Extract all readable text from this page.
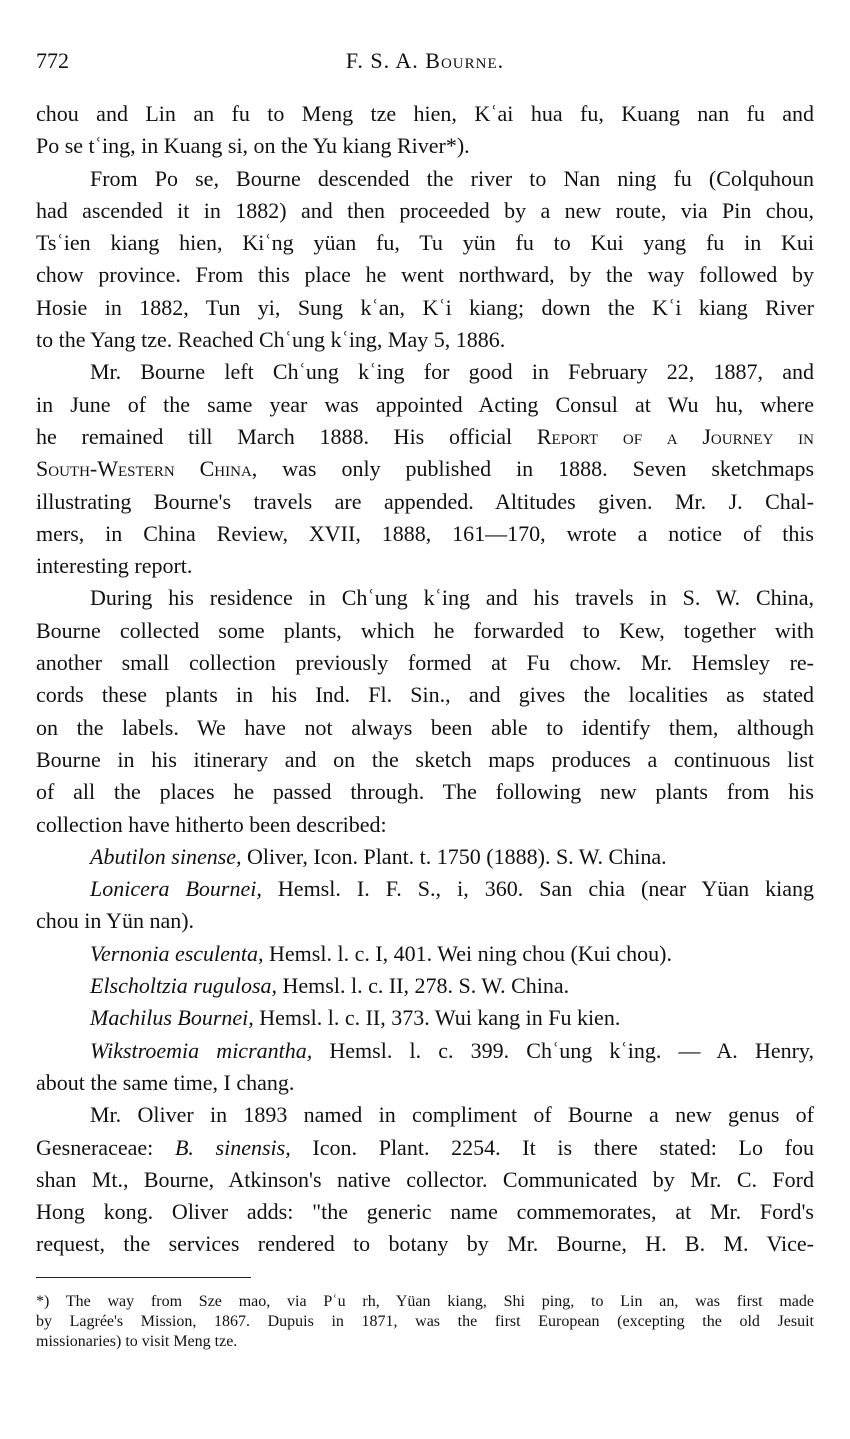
772	F. S. A. Bourne.
chou and Lin an fu to Meng tze hien, Kʿai hua fu, Kuang nan fu and
Po se tʿing, in Kuang si, on the Yu kiang River*).
From Po se, Bourne descended the river to Nan ning fu (Colquhoun
had ascended it in 1882) and then proceeded by a new route, via Pin chou,
Tsʿien kiang hien, Kiʿng yüan fu, Tu yün fu to Kui yang fu in Kui
chow province. From this place he went northward, by the way followed by
Hosie in 1882, Tun yi, Sung kʿan, Kʿi kiang; down the Kʿi kiang River
to the Yang tze. Reached Chʿung kʿing, May 5, 1886.
Mr. Bourne left Chʿung kʿing for good in February 22, 1887, and
in June of the same year was appointed Acting Consul at Wu hu, where
he remained till March 1888. His official Report of a Journey in
South-Western China, was only published in 1888. Seven sketchmaps
illustrating Bourne's travels are appended. Altitudes given. Mr. J. Chal-
mers, in China Review, XVII, 1888, 161—170, wrote a notice of this
interesting report.
During his residence in Chʿung kʿing and his travels in S. W. China,
Bourne collected some plants, which he forwarded to Kew, together with
another small collection previously formed at Fu chow. Mr. Hemsley re-
cords these plants in his Ind. Fl. Sin., and gives the localities as stated
on the labels. We have not always been able to identify them, although
Bourne in his itinerary and on the sketch maps produces a continuous list
of all the places he passed through. The following new plants from his
collection have hitherto been described:
Abutilon sinense, Oliver, Icon. Plant. t. 1750 (1888). S. W. China.
Lonicera Bournei, Hemsl. I. F. S., i, 360. San chia (near Yüan kiang
chou in Yün nan).
Vernonia esculenta, Hemsl. l. c. I, 401. Wei ning chou (Kui chou).
Elscholtzia rugulosa, Hemsl. l. c. II, 278. S. W. China.
Machilus Bournei, Hemsl. l. c. II, 373. Wui kang in Fu kien.
Wikstroemia micrantha, Hemsl. l. c. 399. Chʿung kʿing. — A. Henry,
about the same time, I chang.
Mr. Oliver in 1893 named in compliment of Bourne a new genus of
Gesneraceae: B. sinensis, Icon. Plant. 2254. It is there stated: Lo fou
shan Mt., Bourne, Atkinson's native collector. Communicated by Mr. C. Ford
Hong kong. Oliver adds: "the generic name commemorates, at Mr. Ford's
request, the services rendered to botany by Mr. Bourne, H. B. M. Vice-
*) The way from Sze mao, via Pʿu rh, Yüan kiang, Shi ping, to Lin an, was first made
by Lagrée's Mission, 1867. Dupuis in 1871, was the first European (excepting the old Jesuit
missionaries) to visit Meng tze.
